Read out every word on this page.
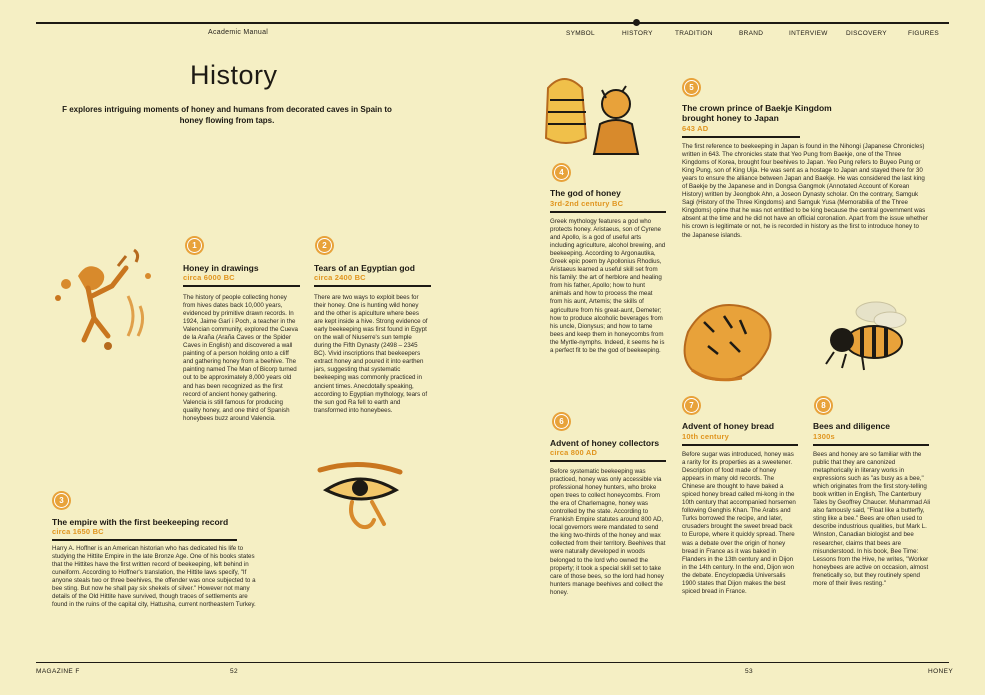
Academic Manual	SYMBOL	HISTORY	TRADITION	BRAND	INTERVIEW	DISCOVERY	FIGURES
History

F explores intriguing moments of honey and humans from decorated caves in Spain to honey flowing from taps.

1
Honey in drawings
circa 6000 BC

The history of people collecting honey from hives dates back 10,000 years, evidenced by primitive drawn records. In 1924, Jaime Garí i Poch, a teacher in the Valencian community, explored the Cueva de la Araña (Araña Caves or the Spider Caves in English) and discovered a wall painting of a person holding onto a cliff and gathering honey from a beehive. The painting named The Man of Bicorp turned out to be approximately 8,000 years old and has been recognized as the first record of ancient honey gathering. Valencia is still famous for producing quality honey, and one third of Spanish honeybees buzz around Valencia.

2
Tears of an Egyptian god
circa 2400 BC

There are two ways to exploit bees for their honey. One is hunting wild honey and the other is apiculture where bees are kept inside a hive. Strong evidence of early beekeeping was first found in Egypt on the wall of Niuserre's sun temple during the Fifth Dynasty (2498 – 2345 BC). Vivid inscriptions that beekeepers extract honey and poured it into earthen jars, suggesting that systematic beekeeping was commonly practiced in ancient times. Anecdotally speaking, according to Egyptian mythology, tears of the sun god Ra fell to earth and transformed into honeybees.

3
The empire with the first beekeeping record
circa 1650 BC

Harry A. Hoffner is an American historian who has dedicated his life to studying the Hittite Empire in the late Bronze Age. One of his books states that the Hittites have the first written record of beekeeping, left behind in cuneiform. According to Hoffner's translation, the Hittite laws specify, "If anyone steals two or three beehives, the offender was once subjected to a bee sting. But now he shall pay six shekels of silver." However not many details of the Old Hittite have survived, though traces of settlements are found in the ruins of the capital city, Hattusha, current northeastern Turkey.

4
The god of honey
3rd-2nd century BC

Greek mythology features a god who protects honey. Aristaeus, son of Cyrene and Apollo, is a god of useful arts including agriculture, alcohol brewing, and beekeeping. According to Argonautika, Greek epic poem by Apollonius Rhodius, Aristaeus learned a useful skill set from his family: the art of herblore and healing from his father, Apollo; how to hunt animals and how to process the meat from his aunt, Artemis; the skills of agriculture from his great-aunt, Demeter; how to produce alcoholic beverages from his uncle, Dionysus; and how to tame bees and keep them in honeycombs from the Myrtle-nymphs. Indeed, it seems he is a perfect fit to be the god of beekeeping.

5
The crown prince of Baekje Kingdom brought honey to Japan
643 AD

The first reference to beekeeping in Japan is found in the Nihongi (Japanese Chronicles) written in 643. The chronicles state that Yeo Pung from Baekje, one of the Three Kingdoms of Korea, brought four beehives to Japan. Yeo Pung refers to Buyeo Pung or King Pung, son of King Uija. He was sent as a hostage to Japan and stayed there for 30 years to ensure the alliance between Japan and Baekje. He was considered the last king of Baekje by the Japanese and in Dongsa Gangmok (Annotated Account of Korean History) written by Jeongbok Ahn, a Joseon Dynasty scholar. On the contrary, Samguk Sagi (History of the Three Kingdoms) and Samguk Yusa (Memorabilia of the Three Kingdoms) opine that he was not entitled to be king because the central government was absent at the time and he did not have an official coronation. Apart from the issue whether his crown is legitimate or not, he is recorded in history as the first to introduce honey to the Japanese islands.

6
Advent of honey collectors
circa 800 AD

Before systematic beekeeping was practiced, honey was only accessible via professional honey hunters, who broke open trees to collect honeycombs. From the era of Charlemagne, honey was controlled by the state. According to Frankish Empire statutes around 800 AD, local governors were mandated to send the king two-thirds of the honey and wax collected from their territory. Beehives that were naturally developed in woods belonged to the lord who owned the property; it took a special skill set to take care of those bees, so the lord had honey hunters manage beehives and collect the honey.

7
Advent of honey bread
10th century

Before sugar was introduced, honey was a rarity for its properties as a sweetener. Description of food made of honey appears in many old records. The Chinese are thought to have baked a spiced honey bread called mi-kong in the 10th century that accompanied horsemen following Genghis Khan. The Arabs and Turks borrowed the recipe, and later, crusaders brought the sweet bread back to Europe, where it quickly spread. There was a debate over the origin of honey bread in France as it was baked in Flanders in the 13th century and in Dijon in the 14th century. In the end, Dijon won the debate. Encyclopædia Universalis 1900 states that Dijon makes the best spiced bread in France.

8
Bees and diligence
1300s

Bees and honey are so familiar with the public that they are canonized metaphorically in literary works in expressions such as "as busy as a bee," which originates from the first story-telling book written in English, The Canterbury Tales by Geoffrey Chaucer. Muhammad Ali also famously said, "Float like a butterfly, sting like a bee." Bees are often used to describe industrious qualities, but Mark L. Winston, Canadian biologist and bee researcher, claims that bees are misunderstood. In his book, Bee Time: Lessons from the Hive, he writes, "Worker honeybees are active on occasion, almost frenetically so, but they routinely spend more of their lives resting."

MAGAZINE F	52	53	HONEY
